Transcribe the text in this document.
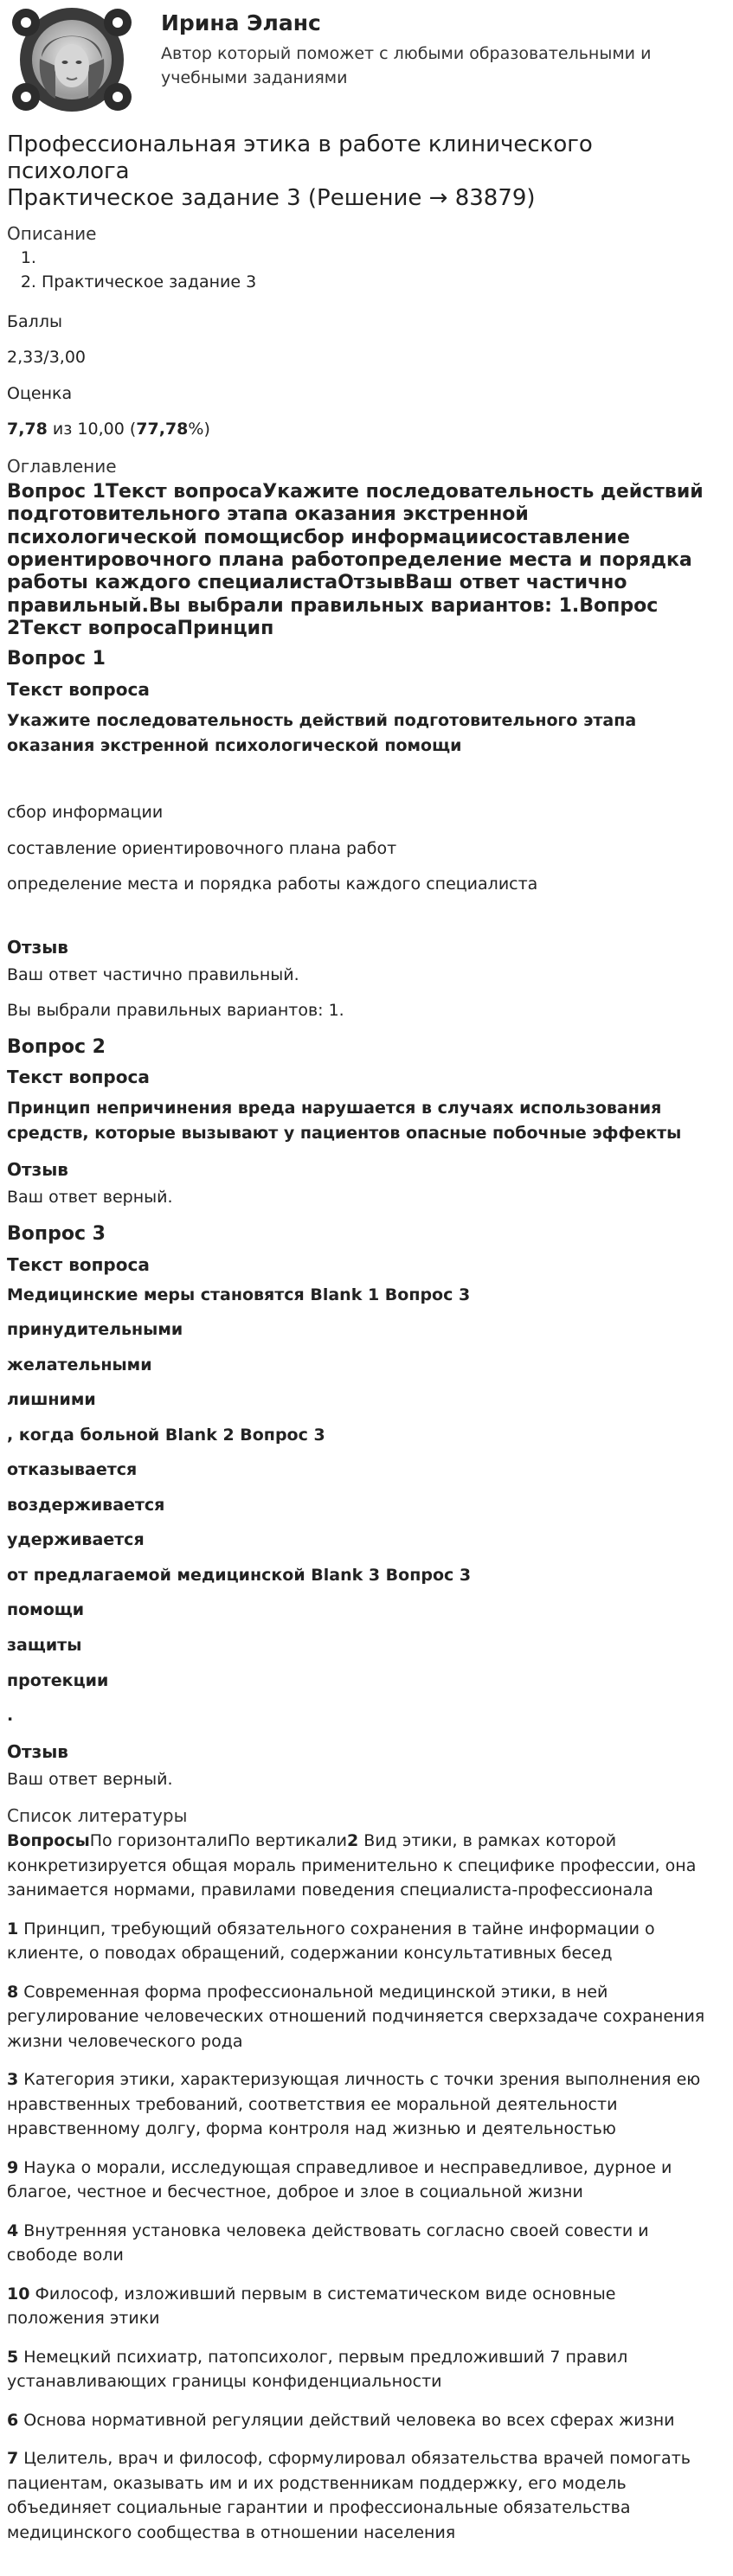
Ирина Эланс
Автор который поможет с любыми образовательными и учебными заданиями
Профессиональная этика в работе клинического психолога
Практическое задание 3 (Решение → 83879)
Описание
1.
2. Практическое задание 3

Баллы

2,33/3,00

Оценка

7,78 из 10,00 (77,78%)

Оглавление
Вопрос 1Текст вопросаУкажите последовательность действий подготовительного этапа оказания экстренной психологической помощисбор информациисоставление ориентировочного плана работопределение места и порядка работы каждого специалистаОтзывВаш ответ частично правильный.Вы выбрали правильных вариантов: 1.Вопрос 2Текст вопросаПринцип
Вопрос 1
Текст вопроса

Укажите последовательность действий подготовительного этапа оказания экстренной психологической помощи

сбор информации

составление ориентировочного плана работ

определение места и порядка работы каждого специалиста

Отзыв

Ваш ответ частично правильный.

Вы выбрали правильных вариантов: 1.

Вопрос 2
Текст вопроса

Принцип непричинения вреда нарушается в случаях использования средств, которые вызывают у пациентов опасные побочные эффекты

Отзыв

Ваш ответ верный.

Вопрос 3
Текст вопроса

Медицинские меры становятся Blank 1 Вопрос 3

принудительными

желательными

лишними

, когда больной Blank 2 Вопрос 3

отказывается

воздерживается

удерживается

от предлагаемой медицинской Blank 3 Вопрос 3

помощи

защиты

протекции

.

Отзыв

Ваш ответ верный.

Список литературы

ВопросыПо горизонталиПо вертикали2 Вид этики, в рамках которой конкретизируется общая мораль применительно к специфике профессии, она занимается нормами, правилами поведения специалиста-профессионала

1 Принцип, требующий обязательного сохранения в тайне информации о клиенте, о поводах обращений, содержании консультативных бесед

8 Современная форма профессиональной медицинской этики, в ней регулирование человеческих отношений подчиняется сверхзадаче сохранения жизни человеческого рода

3 Категория этики, характеризующая личность с точки зрения выполнения ею нравственных требований, соответствия ее моральной деятельности нравственному долгу, форма контроля над жизнью и деятельностью

9 Наука о морали, исследующая справедливое и несправедливое, дурное и благое, честное и бесчестное, доброе и злое в социальной жизни

4 Внутренняя установка человека действовать согласно своей совести и свободе воли

10 Философ, изложивший первым в систематическом виде основные положения этики

5 Немецкий психиатр, патопсихолог, первым предложивший 7 правил устанавливающих границы конфиденциальности

6 Основа нормативной регуляции действий человека во всех сферах жизни

7 Целитель, врач и философ, сформулировал обязательства врачей помогать пациентам, оказывать им и их родственникам поддержку, его модель объединяет социальные гарантии и профессиональные обязательства медицинского сообщества в отношении населения
